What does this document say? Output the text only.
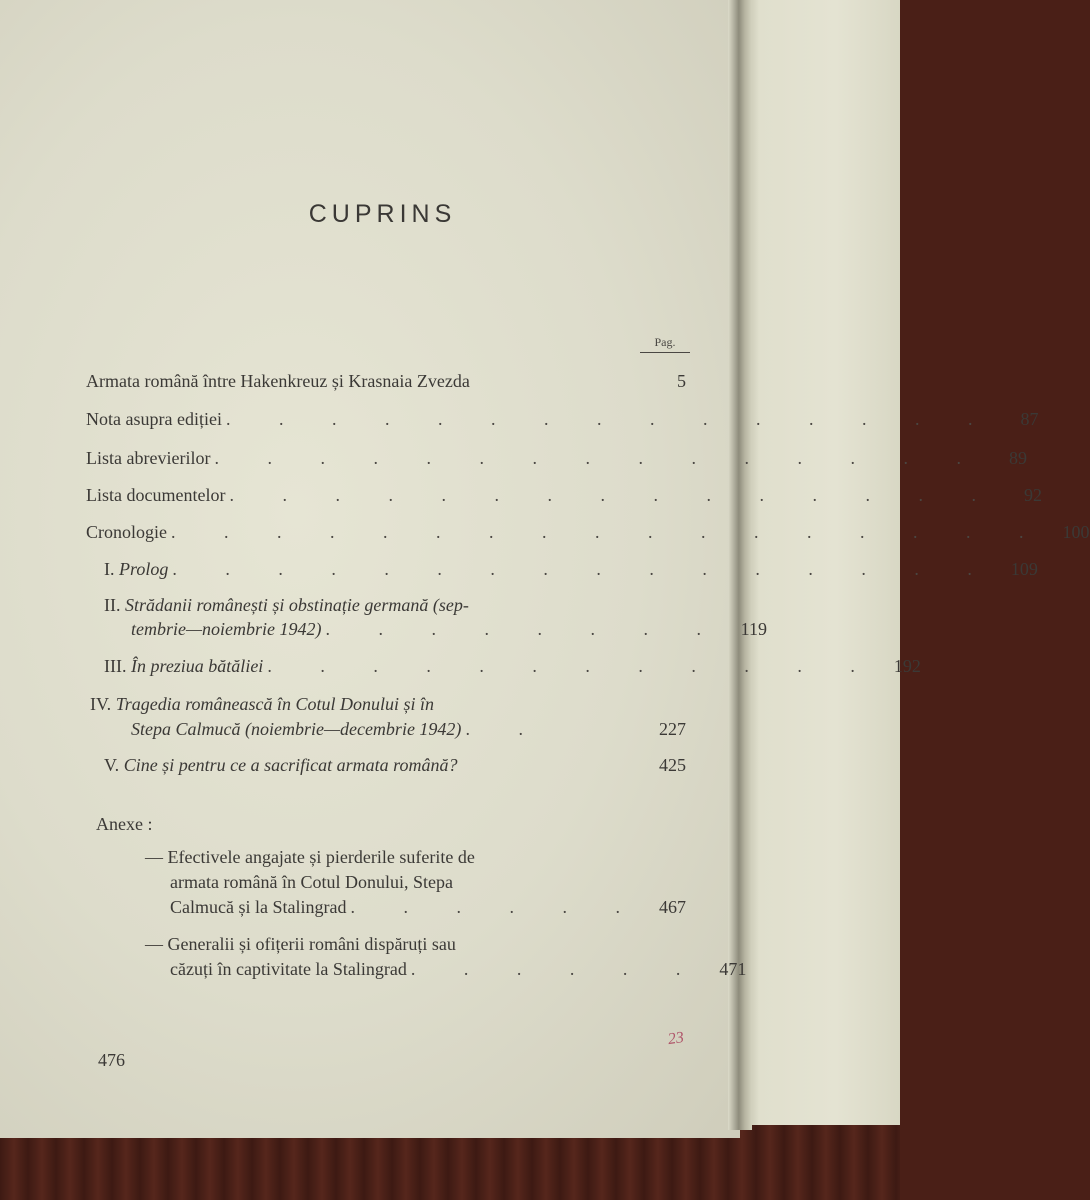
CUPRINS
Pag.
Armata română între Hakenkreuz și Krasnaia Zvezda	5
Nota asupra ediției . . . . . . . . . . . . . . .	87
Lista abrevierilor . . . . . . . . . . . . . . .	89
Lista documentelor . . . . . . . . . . . . . . .	92
Cronologie . . . . . . . . . . . . . . . . . 100
I. Prolog . . . . . . . . . . . . . . . . 109
II. Strădanii românești și obstinație germană (sep-
tembrie—noiembrie 1942) . . . . . . . . 119
III. În preziua bătăliei . . . . . . . . . . . . 192
IV. Tragedia românească în Cotul Donului și în
Stepa Calmucă (noiembrie—decembrie 1942) . .	227
V. Cine și pentru ce a sacrificat armata română?	425
Anexe :
— Efectivele angajate și pierderile suferite de
armata română în Cotul Donului, Stepa
Calmucă și la Stalingrad . . . . . . 467
— Generalii și ofițerii români dispăruți sau
căzuți în captivitate la Stalingrad . . . . . . 471
476
23
